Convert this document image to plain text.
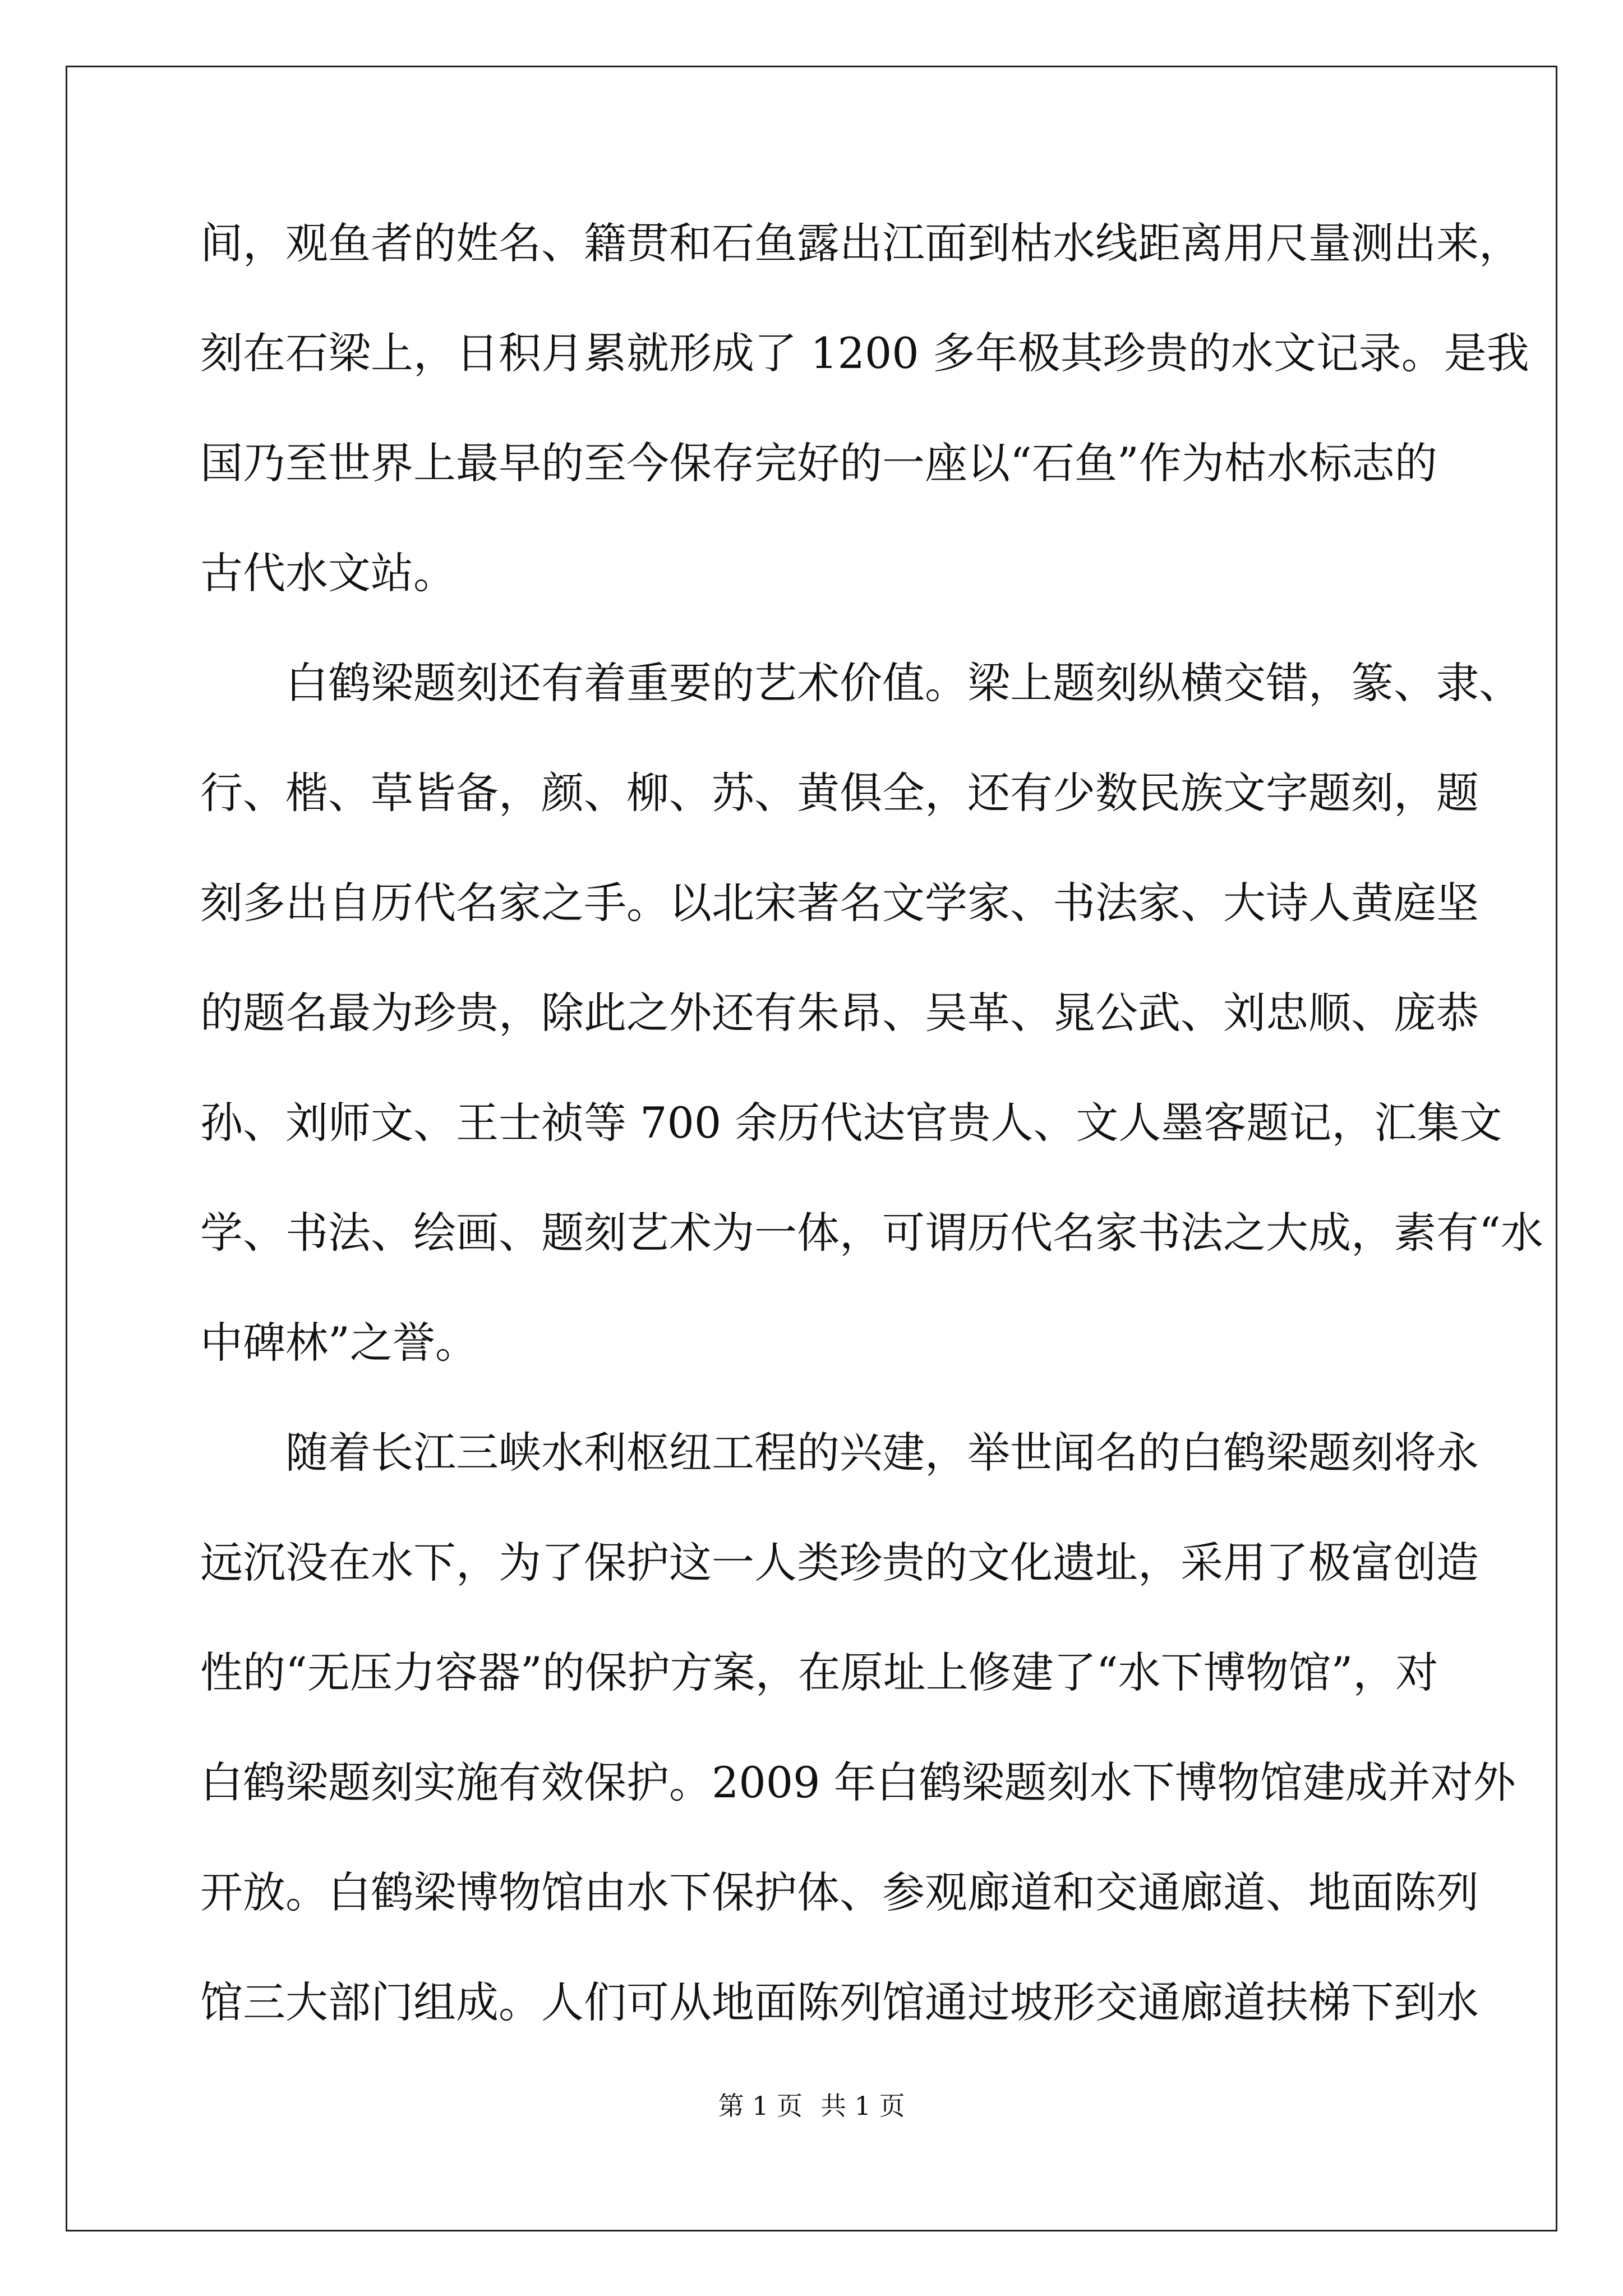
间，观鱼者的姓名、籍贯和石鱼露出江面到枯水线距离用尺量测出来，

刻在石梁上，日积月累就形成了 1200 多年极其珍贵的水文记录。是我

国乃至世界上最早的至今保存完好的一座以“石鱼”作为枯水标志的

古代水文站。

白鹤梁题刻还有着重要的艺术价值。梁上题刻纵横交错，篆、隶、

行、楷、草皆备，颜、柳、苏、黄俱全，还有少数民族文字题刻，题

刻多出自历代名家之手。以北宋著名文学家、书法家、大诗人黄庭坚

的题名最为珍贵，除此之外还有朱昂、吴革、晁公武、刘忠顺、庞恭

孙、刘师文、王士祯等 700 余历代达官贵人、文人墨客题记，汇集文

学、书法、绘画、题刻艺术为一体，可谓历代名家书法之大成，素有“水

中碑林”之誉。

随着长江三峡水利枢纽工程的兴建，举世闻名的白鹤梁题刻将永

远沉没在水下，为了保护这一人类珍贵的文化遗址，采用了极富创造

性的“无压力容器”的保护方案，在原址上修建了“水下博物馆”，对

白鹤梁题刻实施有效保护。2009 年白鹤梁题刻水下博物馆建成并对外

开放。白鹤梁博物馆由水下保护体、参观廊道和交通廊道、地面陈列

馆三大部门组成。人们可从地面陈列馆通过坡形交通廊道扶梯下到水

第 1 页 共 1 页
